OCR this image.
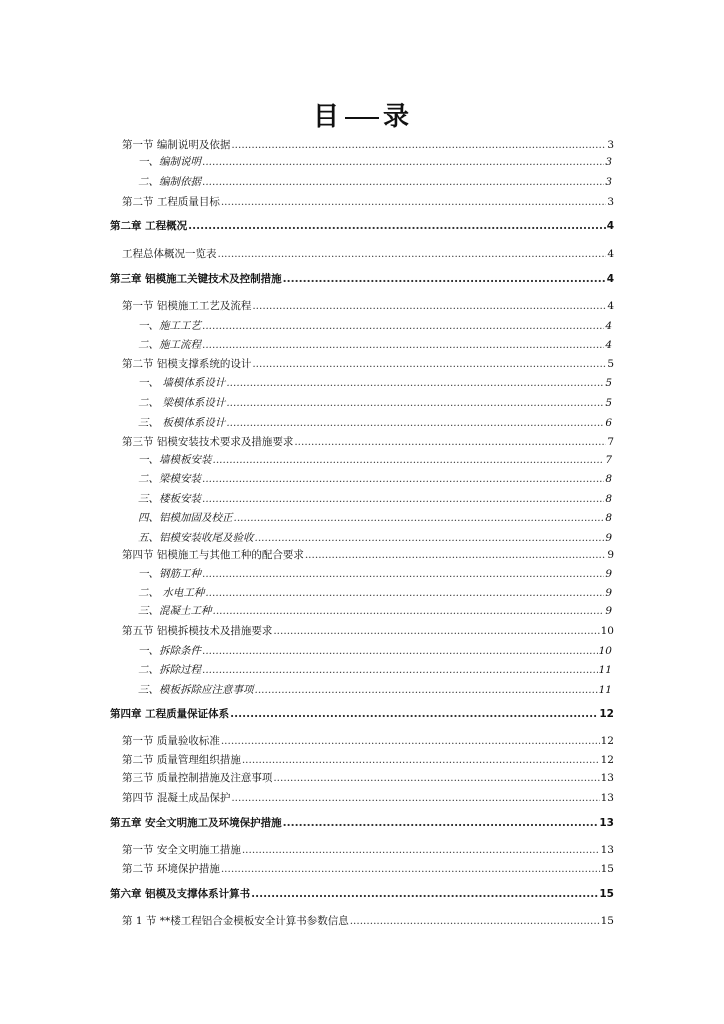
目 录
第一节 编制说明及依据 .....	3
一、编制说明 .....	3
二、编制依据 .....	3
第二节 工程质量目标 .....	3
第二章 工程概况 .....	4
工程总体概况一览表 .....	4
第三章 铝模施工关键技术及控制措施 .....	4
第一节 铝模施工工艺及流程 .....	4
一、施工工艺 .....	4
二、施工流程 .....	4
第二节 铝模支撑系统的设计 .....	5
一、 墙模体系设计 .....	5
二、 梁模体系设计 .....	5
三、 板模体系设计 .....	6
第三节 铝模安装技术要求及措施要求 .....	7
一、墙模板安装 .....	7
二、梁模安装 .....	8
三、楼板安装 .....	8
四、铝模加固及校正 .....	8
五、铝模安装收尾及验收 .....	9
第四节 铝模施工与其他工种的配合要求 .....	9
一、钢筋工种 .....	9
二、 水电工种 .....	9
三、混凝土工种 .....	9
第五节 铝模拆模技术及措施要求 .....	10
一、拆除条件 .....	10
二、拆除过程 .....	11
三、模板拆除应注意事项 .....	11
第四章 工程质量保证体系 .....	12
第一节 质量验收标准 .....	12
第二节 质量管理组织措施 .....	12
第三节 质量控制措施及注意事项 .....	13
第四节 混凝土成品保护 .....	13
第五章 安全文明施工及环境保护措施 .....	13
第一节 安全文明施工措施 .....	13
第二节 环境保护措施 .....	15
第六章 铝模及支撑体系计算书 .....	15
第 1 节 **楼工程铝合金模板安全计算书参数信息 .....	15
